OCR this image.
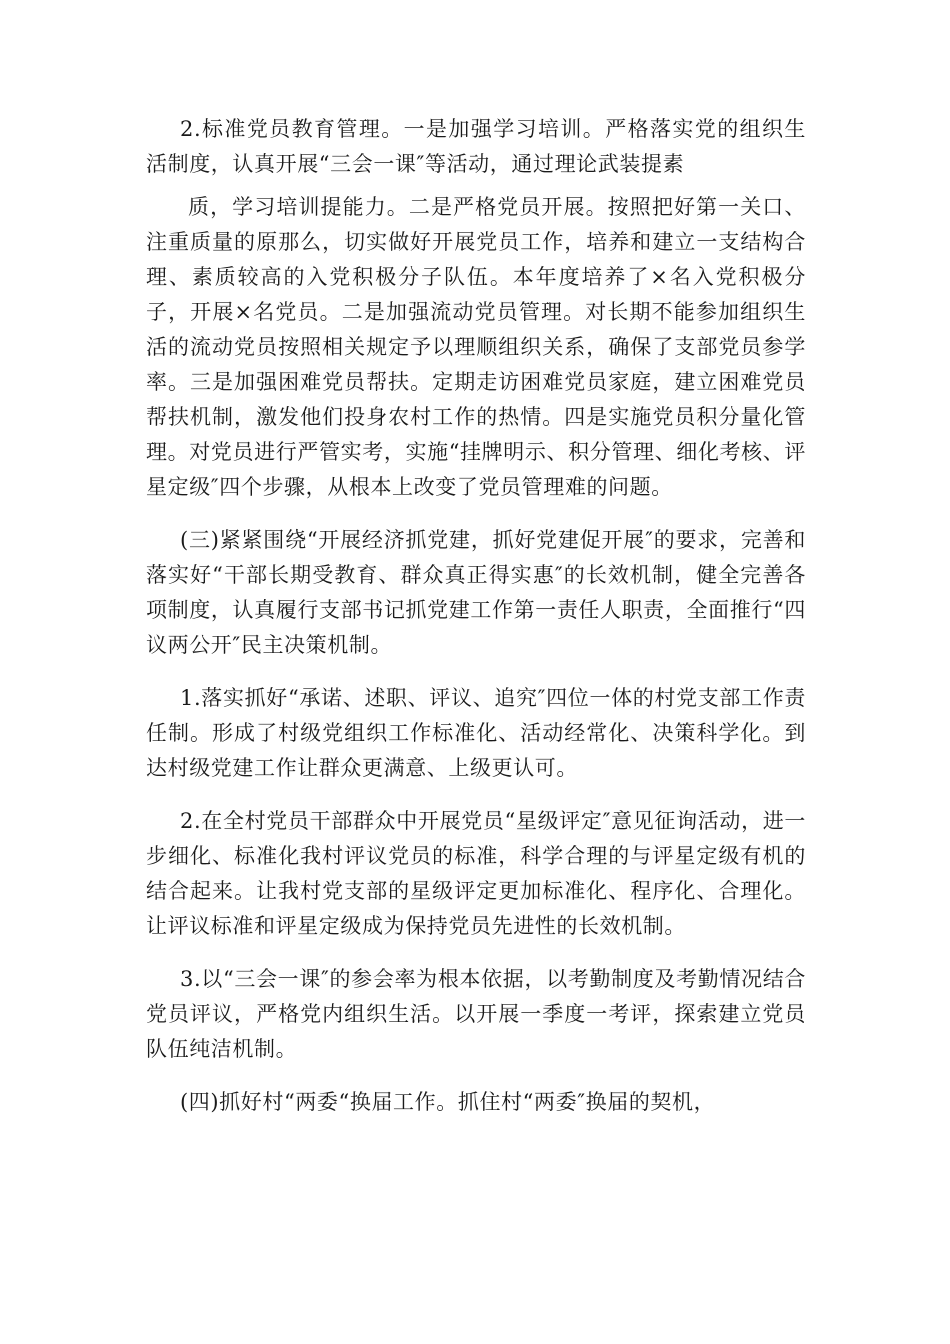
2.标准党员教育管理。一是加强学习培训。严格落实党的组织生活制度，认真开展“三会一课″等活动，通过理论武装提素

质，学习培训提能力。二是严格党员开展。按照把好第一关口、注重质量的原那么，切实做好开展党员工作，培养和建立一支结构合理、素质较高的入党积极分子队伍。本年度培养了×名入党积极分子，开展×名党员。二是加强流动党员管理。对长期不能参加组织生活的流动党员按照相关规定予以理顺组织关系，确保了支部党员参学率。三是加强困难党员帮扶。定期走访困难党员家庭，建立困难党员帮扶机制，激发他们投身农村工作的热情。四是实施党员积分量化管理。对党员进行严管实考，实施“挂牌明示、积分管理、细化考核、评星定级″四个步骤，从根本上改变了党员管理难的问题。

(三)紧紧围绕“开展经济抓党建，抓好党建促开展″的要求，完善和落实好“干部长期受教育、群众真正得实惠″的长效机制，健全完善各项制度，认真履行支部书记抓党建工作第一责任人职责，全面推行“四议两公开″民主决策机制。

1.落实抓好“承诺、述职、评议、追究″四位一体的村党支部工作责任制。形成了村级党组织工作标准化、活动经常化、决策科学化。到达村级党建工作让群众更满意、上级更认可。

2.在全村党员干部群众中开展党员“星级评定″意见征询活动，进一步细化、标准化我村评议党员的标准，科学合理的与评星定级有机的结合起来。让我村党支部的星级评定更加标准化、程序化、合理化。让评议标准和评星定级成为保持党员先进性的长效机制。

3.以“三会一课″的参会率为根本依据，以考勤制度及考勤情况结合党员评议，严格党内组织生活。以开展一季度一考评，探索建立党员队伍纯洁机制。

(四)抓好村“两委“换届工作。抓住村“两委″换届的契机，
